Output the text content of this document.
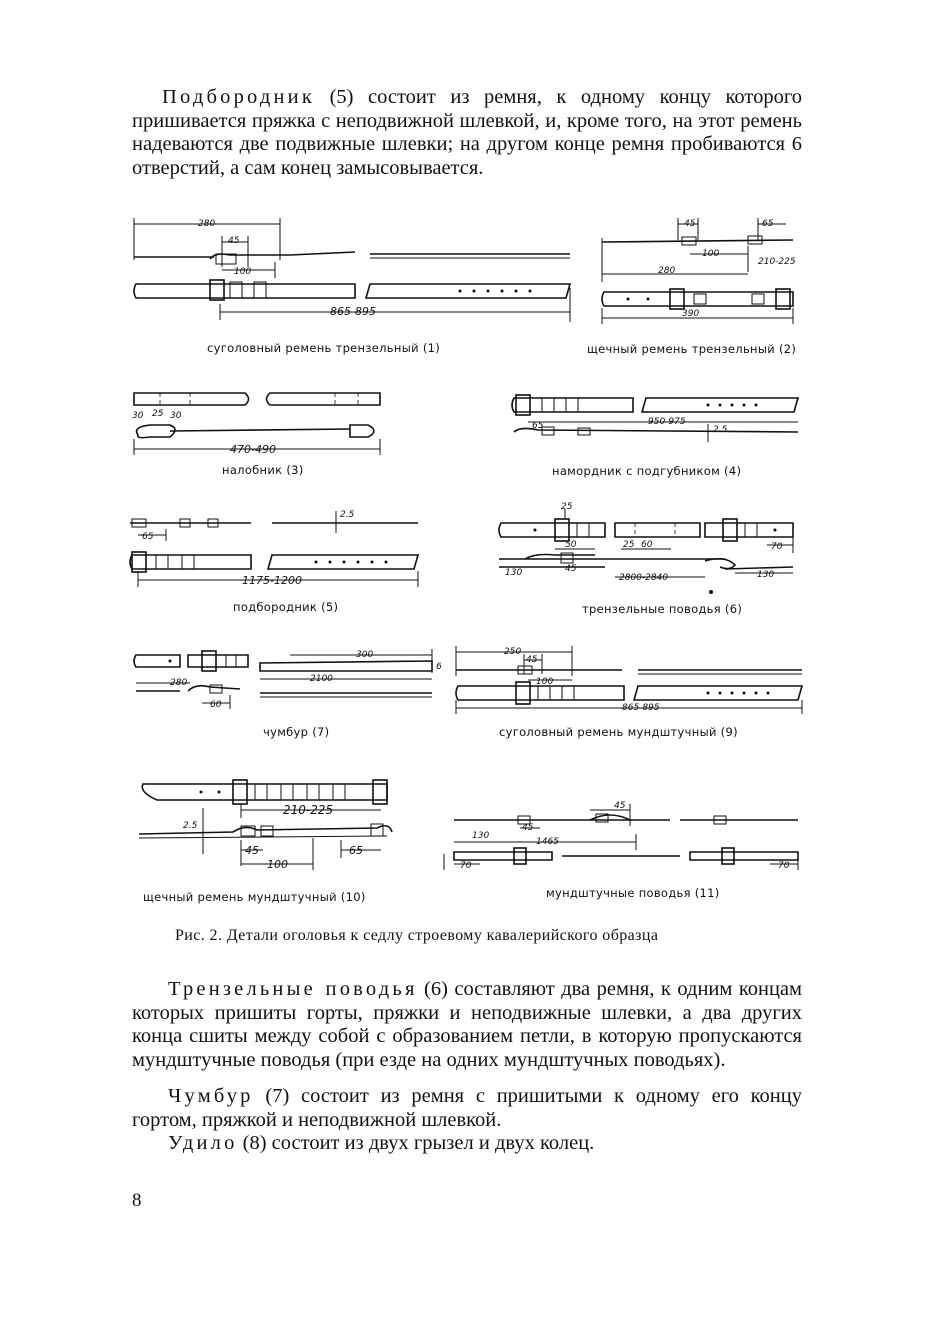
Подбородник (5) состоит из ремня, к одному концу которого пришивается пряжка с неподвижной шлевкой, и, кроме того, на этот ремень надеваются две подвижные шлевки; на другом конце ремня пробиваются 6 отверстий, а сам конец замысовывается.

280
45
100
865-895
суголовный ремень трензельный (1)
45	65
100
210-225
280
390
щечный ремень трензельный (2)
30 25 30
470-490
налобник (3)
950-975
65	2.5
намордник с подгубником (4)
65
2.5
1175-1200
подбородник (5)
25
70
50	25 60
130	45
2800-2840	130
трензельные поводья (6)
300
6
280	2100
60
чумбур (7)
250
45
100
865-895
суголовный ремень мундштучный (9)
210-225
2.5
45	65
100
щечный ремень мундштучный (10)
45
45
130
1465
70	70
мундштучные поводья (11)
Рис. 2. Детали оголовья к седлу строевому кавалерийского образца

Трензельные поводья (6) составляют два ремня, к одним концам которых пришиты горты, пряжки и неподвижные шлевки, а два других конца сшиты между собой с образованием петли, в которую пропускаются мундштучные поводья (при езде на одних мундштучных поводьях).

Чумбур (7) состоит из ремня с пришитыми к одному его концу гортом, пряжкой и неподвижной шлевкой.

Удило (8) состоит из двух грызел и двух колец.

8
